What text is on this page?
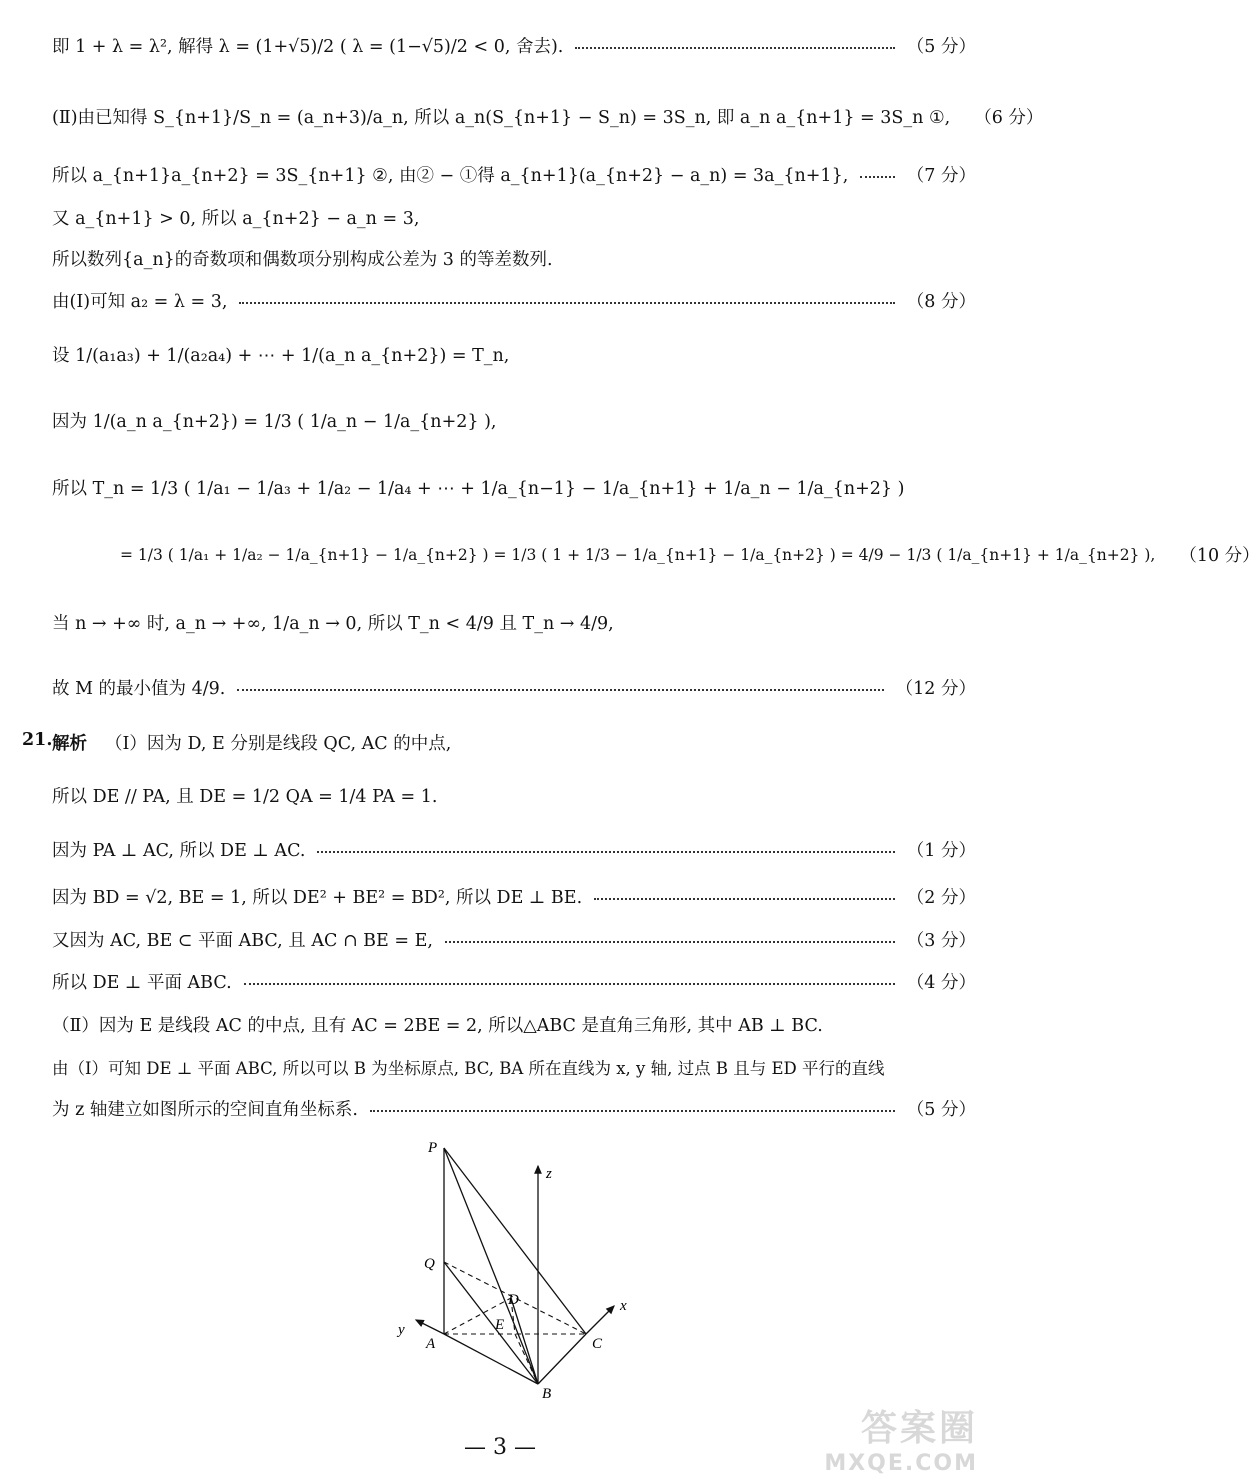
即 1 + λ = λ², 解得 λ = (1+√5)/2 ( λ = (1−√5)/2 < 0, 舍去).	（5 分）
(Ⅱ)由已知得 S_{n+1}/S_n = (a_n+3)/a_n, 所以 a_n(S_{n+1} − S_n) = 3S_n, 即 a_n a_{n+1} = 3S_n ①, （6 分）
所以 a_{n+1}a_{n+2} = 3S_{n+1} ②, 由② − ①得 a_{n+1}(a_{n+2} − a_n) = 3a_{n+1},	（7 分）
又 a_{n+1} > 0, 所以 a_{n+2} − a_n = 3,
所以数列{a_n}的奇数项和偶数项分别构成公差为 3 的等差数列.
由(Ⅰ)可知 a₂ = λ = 3,	（8 分）
设 1/(a₁a₃) + 1/(a₂a₄) + ⋯ + 1/(a_n a_{n+2}) = T_n,
因为 1/(a_n a_{n+2}) = 1/3 ( 1/a_n − 1/a_{n+2} ),
所以 T_n = 1/3 ( 1/a₁ − 1/a₃ + 1/a₂ − 1/a₄ + ⋯ + 1/a_{n−1} − 1/a_{n+1} + 1/a_n − 1/a_{n+2} )
= 1/3 ( 1/a₁ + 1/a₂ − 1/a_{n+1} − 1/a_{n+2} ) = 1/3 ( 1 + 1/3 − 1/a_{n+1} − 1/a_{n+2} ) = 4/9 − 1/3 ( 1/a_{n+1} + 1/a_{n+2} ), （10 分）
当 n → +∞ 时, a_n → +∞, 1/a_n → 0, 所以 T_n < 4/9 且 T_n → 4/9,
故 M 的最小值为 4/9.	（12 分）
21. 解析 （Ⅰ）因为 D, E 分别是线段 QC, AC 的中点,
所以 DE // PA, 且 DE = 1/2 QA = 1/4 PA = 1.
因为 PA ⊥ AC, 所以 DE ⊥ AC.	（1 分）
因为 BD = √2, BE = 1, 所以 DE² + BE² = BD², 所以 DE ⊥ BE.	（2 分）
又因为 AC, BE ⊂ 平面 ABC, 且 AC ∩ BE = E,	（3 分）
所以 DE ⊥ 平面 ABC.	（4 分）
（Ⅱ）因为 E 是线段 AC 的中点, 且有 AC = 2BE = 2, 所以△ABC 是直角三角形, 其中 AB ⊥ BC.
由（Ⅰ）可知 DE ⊥ 平面 ABC, 所以可以 B 为坐标原点, BC, BA 所在直线为 x, y 轴, 过点 B 且与 ED 平行的直线
为 z 轴建立如图所示的空间直角坐标系.	（5 分）
P
Q
D
E
A
B
C
x
y
z
— 3 —	答案圈
MXQE.COM
